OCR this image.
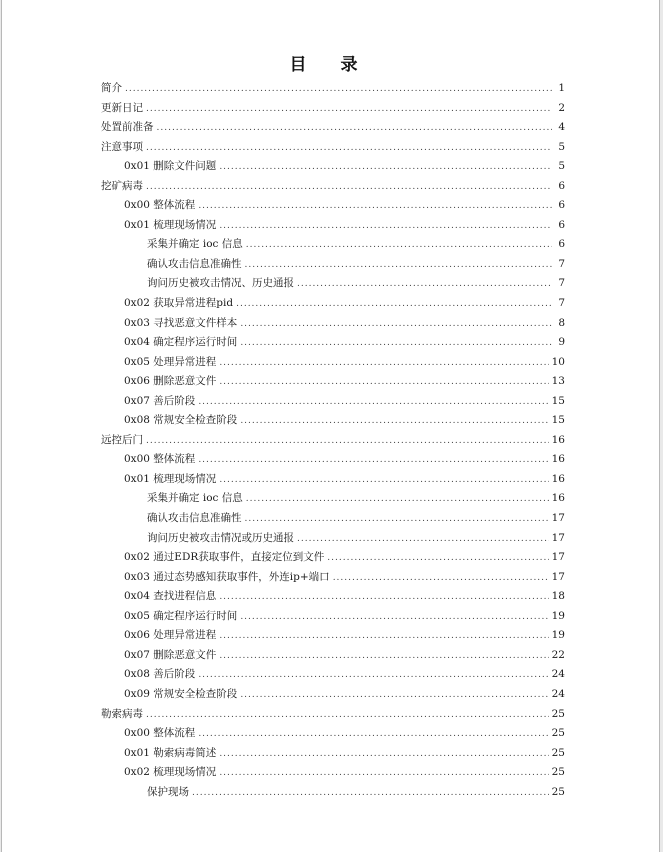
目 录
简介 .....	1
更新日记 .....	2
处置前准备 .....	4
注意事项 .....	5
0x01 删除文件问题 .....	5
挖矿病毒 .....	6
0x00 整体流程 .....	6
0x01 梳理现场情况 .....	6
采集并确定 ioc 信息 .....	6
确认攻击信息准确性 .....	7
询问历史被攻击情况、历史通报 .....	7
0x02 获取异常进程pid .....	7
0x03 寻找恶意文件样本 .....	8
0x04 确定程序运行时间 .....	9
0x05 处理异常进程 .....	10
0x06 删除恶意文件 .....	13
0x07 善后阶段 .....	15
0x08 常规安全检查阶段 .....	15
远控后门 .....	16
0x00 整体流程 .....	16
0x01 梳理现场情况 .....	16
采集并确定 ioc 信息 .....	16
确认攻击信息准确性 .....	17
询问历史被攻击情况或历史通报 .....	17
0x02 通过EDR获取事件，直接定位到文件 .....	17
0x03 通过态势感知获取事件，外连ip+端口 .....	17
0x04 查找进程信息 .....	18
0x05 确定程序运行时间 .....	19
0x06 处理异常进程 .....	19
0x07 删除恶意文件 .....	22
0x08 善后阶段 .....	24
0x09 常规安全检查阶段 .....	24
勒索病毒 .....	25
0x00 整体流程 .....	25
0x01 勒索病毒简述 .....	25
0x02 梳理现场情况 .....	25
保护现场 .....	25
